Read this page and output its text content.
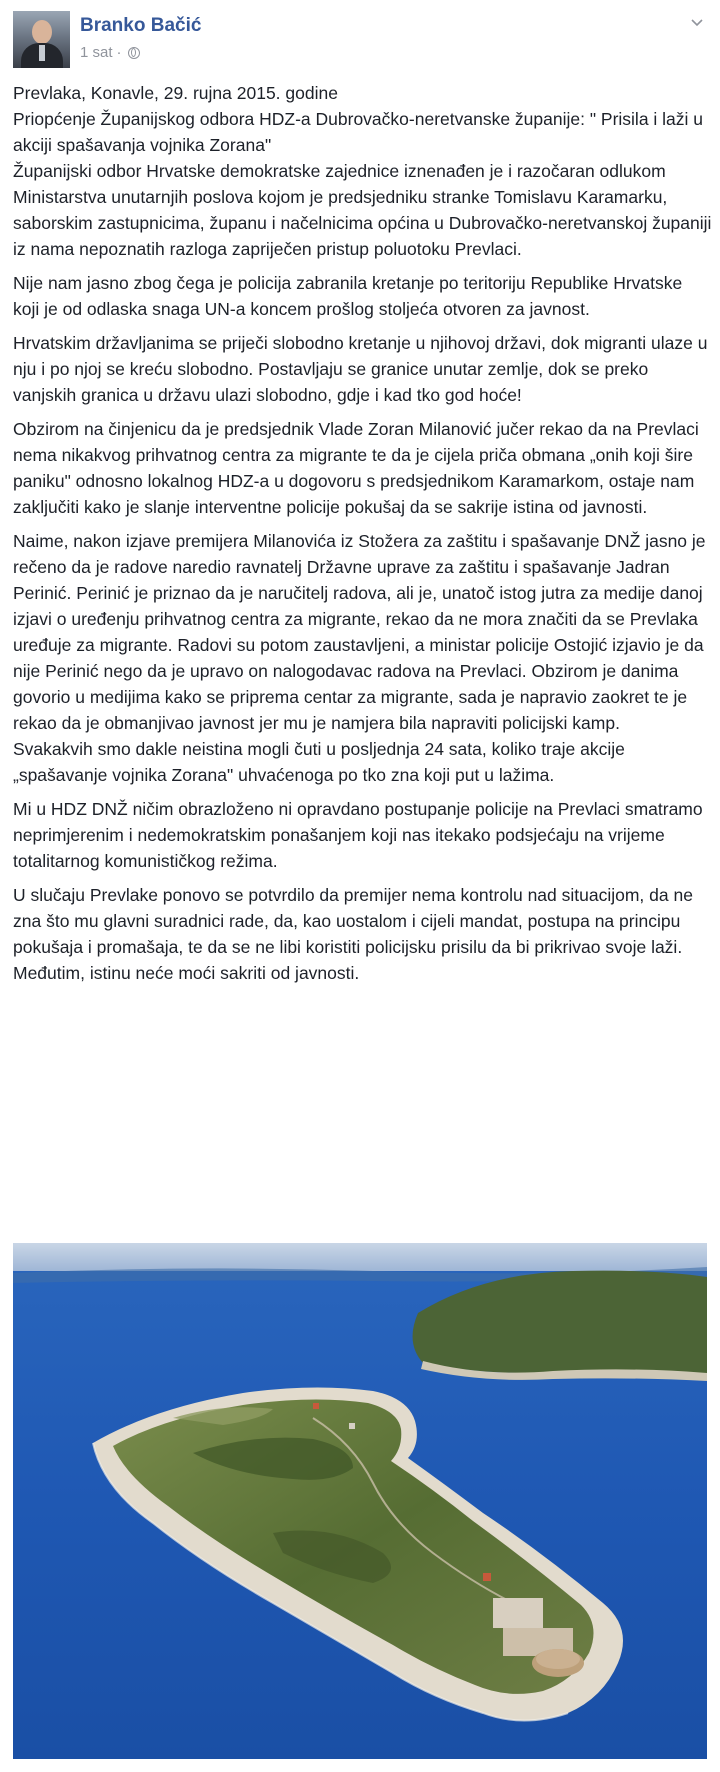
Branko Bačić
1 sat ·

Prevlaka, Konavle, 29. rujna 2015. godine
Priopćenje Županijskog odbora HDZ-a Dubrovačko-neretvanske županije: " Prisila i laži u akciji spašavanja vojnika Zorana"
Županijski odbor Hrvatske demokratske zajednice iznenađen je i razočaran odlukom Ministarstva unutarnjih poslova kojom je predsjedniku stranke Tomislavu Karamarku, saborskim zastupnicima, županu i načelnicima općina u Dubrovačko-neretvanskoj županiji iz nama nepoznatih razloga zapriječen pristup poluotoku Prevlaci.

Nije nam jasno zbog čega je policija zabranila kretanje po teritoriju Republike Hrvatske koji je od odlaska snaga UN-a koncem prošlog stoljeća otvoren za javnost.

Hrvatskim državljanima se priječi slobodno kretanje u njihovoj državi, dok migranti ulaze u nju i po njoj se kreću slobodno. Postavljaju se granice unutar zemlje, dok se preko vanjskih granica u državu ulazi slobodno, gdje i kad tko god hoće!

Obzirom na činjenicu da je predsjednik Vlade Zoran Milanović jučer rekao da na Prevlaci nema nikakvog prihvatnog centra za migrante te da je cijela priča obmana „onih koji šire paniku" odnosno lokalnog HDZ-a u dogovoru s predsjednikom Karamarkom, ostaje nam zaključiti kako je slanje interventne policije pokušaj da se sakrije istina od javnosti.

Naime, nakon izjave premijera Milanovića iz Stožera za zaštitu i spašavanje DNŽ jasno je rečeno da je radove naredio ravnatelj Državne uprave za zaštitu i spašavanje Jadran Perinić. Perinić je priznao da je naručitelj radova, ali je, unatoč istog jutra za medije danoj izjavi o uređenju prihvatnog centra za migrante, rekao da ne mora značiti da se Prevlaka uređuje za migrante. Radovi su potom zaustavljeni, a ministar policije Ostojić izjavio je da nije Perinić nego da je upravo on nalogodavac radova na Prevlaci. Obzirom je danima govorio u medijima kako se priprema centar za migrante, sada je napravio zaokret te je rekao da je obmanjivao javnost jer mu je namjera bila napraviti policijski kamp.

Svakakvih smo dakle neistina mogli čuti u posljednja 24 sata, koliko traje akcije „spašavanje vojnika Zorana" uhvaćenoga po tko zna koji put u lažima.

Mi u HDZ DNŽ ničim obrazloženo ni opravdano postupanje policije na Prevlaci smatramo neprimjerenim i nedemokratskim ponašanjem koji nas itekako podsjećaju na vrijeme totalitarnog komunističkog režima.

U slučaju Prevlake ponovo se potvrdilo da premijer nema kontrolu nad situacijom, da ne zna što mu glavni suradnici rade, da, kao uostalom i cijeli mandat, postupa na principu pokušaja i promašaja, te da se ne libi koristiti policijsku prisilu da bi prikrivao svoje laži. Međutim, istinu neće moći sakriti od javnosti.
